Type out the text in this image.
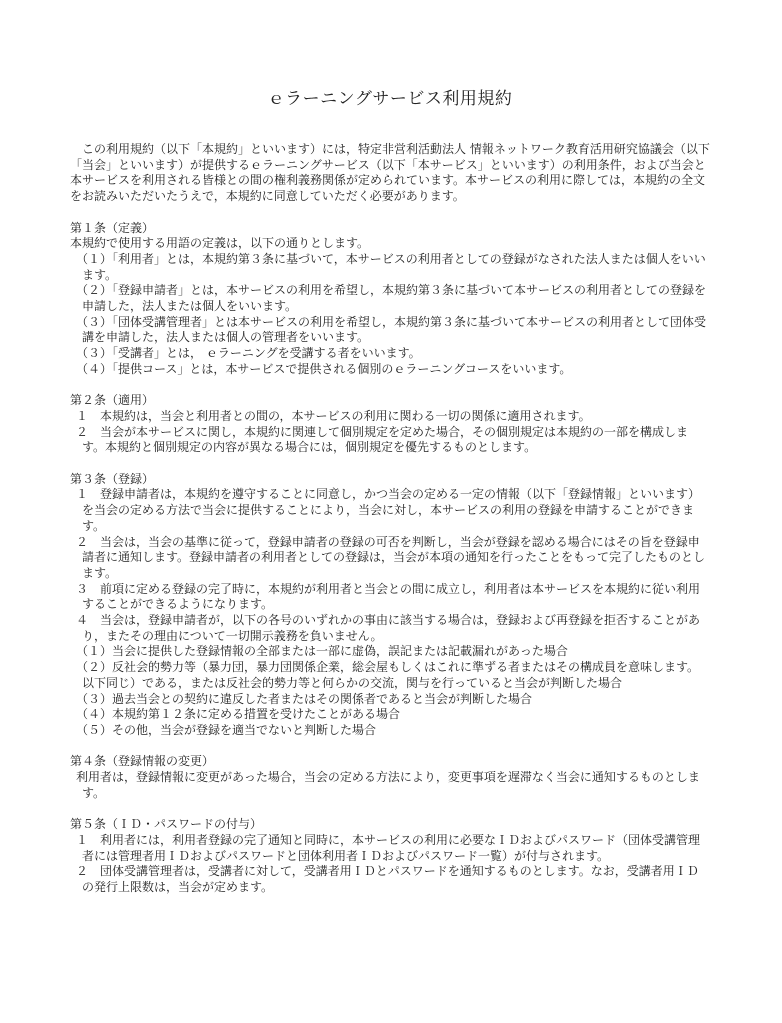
ｅラーニングサービス利用規約
この利用規約（以下「本規約」といいます）には，特定非営利活動法人 情報ネットワーク教育活用研究協議会（以下「当会」といいます）が提供するｅラーニングサービス（以下「本サービス」といいます）の利用条件，および当会と本サービスを利用される皆様との間の権利義務関係が定められています。本サービスの利用に際しては，本規約の全文をお読みいただいたうえで，本規約に同意していただく必要があります。
第１条（定義）
本規約で使用する用語の定義は，以下の通りとします。
（１）「利用者」とは，本規約第３条に基づいて，本サービスの利用者としての登録がなされた法人または個人をいいます。
（２）「登録申請者」とは，本サービスの利用を希望し，本規約第３条に基づいて本サービスの利用者としての登録を申請した，法人または個人をいいます。
（３）「団体受講管理者」とは本サービスの利用を希望し，本規約第３条に基づいて本サービスの利用者として団体受講を申請した，法人または個人の管理者をいいます。
（３）「受講者」とは， ｅラーニングを受講する者をいいます。
（４）「提供コース」とは，本サービスで提供される個別のｅラーニングコースをいいます。
第２条（適用）
１　本規約は，当会と利用者との間の，本サービスの利用に関わる一切の関係に適用されます。
２　当会が本サービスに関し，本規約に関連して個別規定を定めた場合，その個別規定は本規約の一部を構成します。本規約と個別規定の内容が異なる場合には，個別規定を優先するものとします。
第３条（登録）
１　登録申請者は，本規約を遵守することに同意し，かつ当会の定める一定の情報（以下「登録情報」といいます）を当会の定める方法で当会に提供することにより，当会に対し，本サービスの利用の登録を申請することができます。
２　当会は，当会の基準に従って，登録申請者の登録の可否を判断し，当会が登録を認める場合にはその旨を登録申請者に通知します。登録申請者の利用者としての登録は，当会が本項の通知を行ったことをもって完了したものとします。
３　前項に定める登録の完了時に，本規約が利用者と当会との間に成立し，利用者は本サービスを本規約に従い利用することができるようになります。
４　当会は，登録申請者が，以下の各号のいずれかの事由に該当する場合は，登録および再登録を拒否することがあり，またその理由について一切開示義務を負いません。
（１）当会に提供した登録情報の全部または一部に虚偽，誤記または記載漏れがあった場合
（２）反社会的勢力等（暴力団，暴力団関係企業，総会屋もしくはこれに準ずる者またはその構成員を意味します。以下同じ）である，または反社会的勢力等と何らかの交流，関与を行っていると当会が判断した場合
（３）過去当会との契約に違反した者またはその関係者であると当会が判断した場合
（４）本規約第１２条に定める措置を受けたことがある場合
（５）その他，当会が登録を適当でないと判断した場合
第４条（登録情報の変更）
利用者は，登録情報に変更があった場合，当会の定める方法により，変更事項を遅滞なく当会に通知するものとします。
第５条（ＩＤ・パスワードの付与）
１　利用者には，利用者登録の完了通知と同時に，本サービスの利用に必要なＩＤおよびパスワード（団体受講管理者には管理者用ＩＤおよびパスワードと団体利用者ＩＤおよびパスワード一覧）が付与されます。
２　団体受講管理者は，受講者に対して，受講者用ＩＤとパスワードを通知するものとします。なお，受講者用ＩＤの発行上限数は，当会が定めます。
